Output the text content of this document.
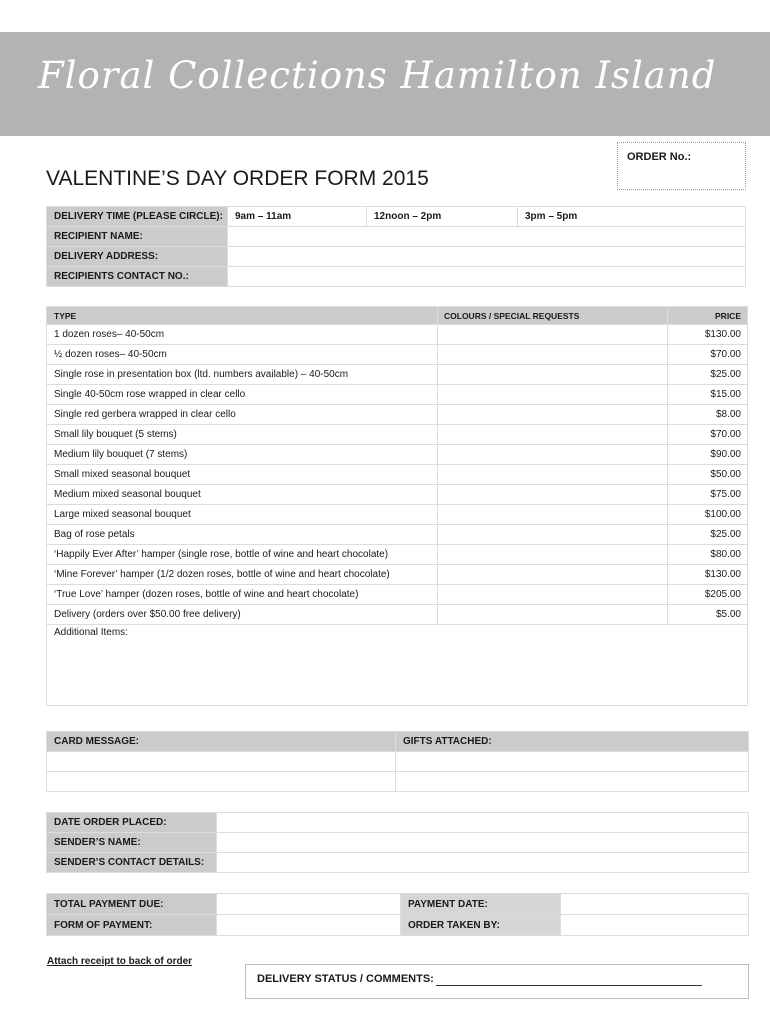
Floral Collections Hamilton Island
ORDER No.:
VALENTINE’S DAY ORDER FORM 2015
DELIVERY TIME (PLEASE CIRCLE):	9am – 11am	12noon – 2pm	3pm – 5pm
RECIPIENT NAME:			
DELIVERY ADDRESS:			
RECIPIENTS CONTACT NO.:			
TYPE	COLOURS / SPECIAL REQUESTS	PRICE
1 dozen roses– 40-50cm		$130.00
½ dozen roses– 40-50cm		$70.00
Single rose in presentation box (ltd. numbers available) – 40-50cm		$25.00
Single 40-50cm rose wrapped in clear cello		$15.00
Single red gerbera wrapped in clear cello		$8.00
Small lily bouquet (5 stems)		$70.00
Medium lily bouquet (7 stems)		$90.00
Small mixed seasonal bouquet		$50.00
Medium mixed seasonal bouquet		$75.00
Large mixed seasonal bouquet		$100.00
Bag of rose petals		$25.00
‘Happily Ever After’ hamper (single rose, bottle of wine and heart chocolate)		$80.00
‘Mine Forever’ hamper (1/2 dozen roses, bottle of wine and heart chocolate)		$130.00
‘True Love’ hamper (dozen roses, bottle of wine and heart chocolate)		$205.00
Delivery (orders over $50.00 free delivery)		$5.00
Additional Items:		
CARD MESSAGE:	GIFTS ATTACHED:

DATE ORDER PLACED:	
SENDER’S NAME:	
SENDER’S CONTACT DETAILS:	
TOTAL PAYMENT DUE:		PAYMENT DATE:	
FORM OF PAYMENT:		ORDER TAKEN BY:	
Attach receipt to back of order
DELIVERY STATUS / COMMENTS:
